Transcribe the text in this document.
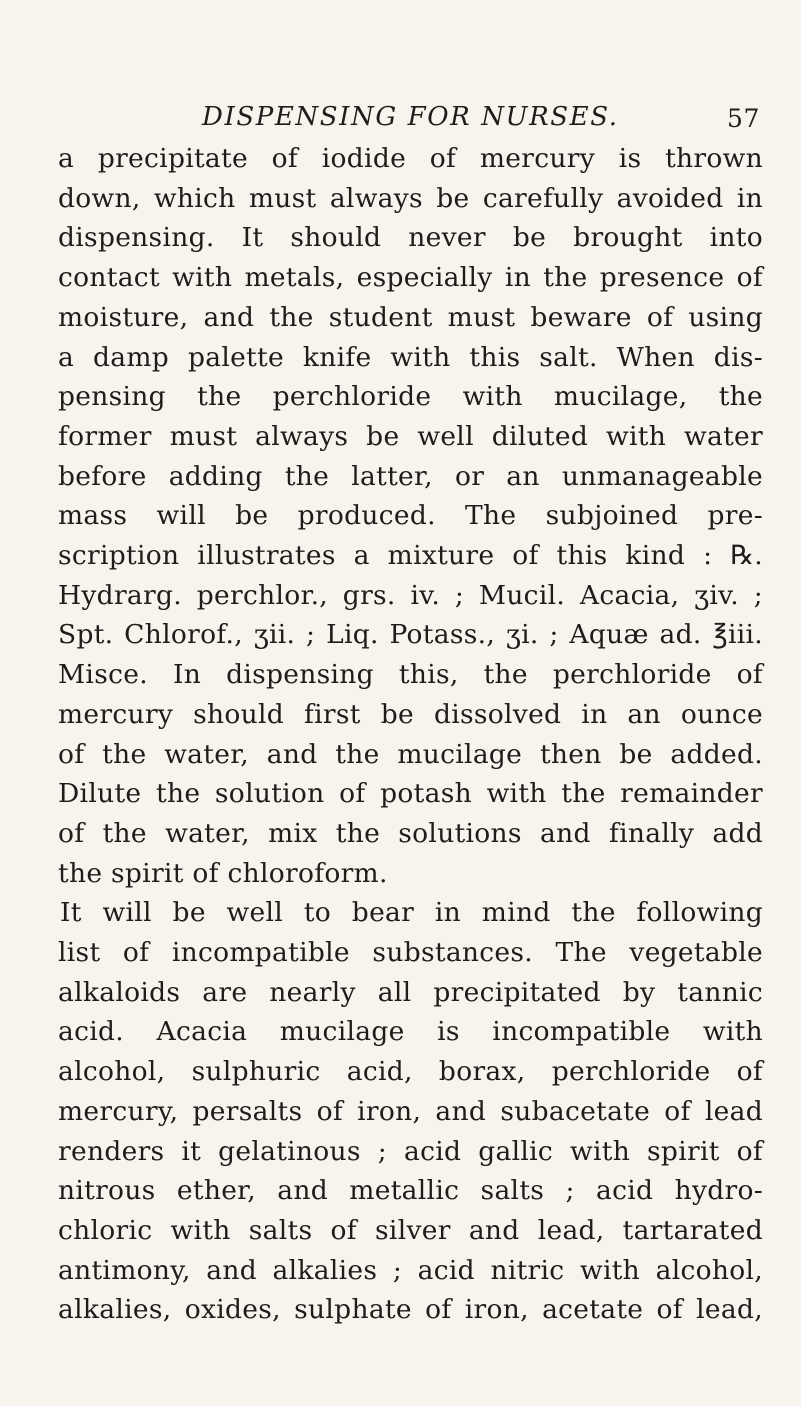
DISPENSING FOR NURSES.	57
a precipitate of iodide of mercury is thrown
down, which must always be carefully avoided in
dispensing. It should never be brought into
contact with metals, especially in the presence of
moisture, and the student must beware of using
a damp palette knife with this salt. When dis-
pensing the perchloride with mucilage, the
former must always be well diluted with water
before adding the latter, or an unmanageable
mass will be produced. The subjoined pre-
scription illustrates a mixture of this kind : ℞.
Hydrarg. perchlor., grs. iv. ; Mucil. Acacia, ʒiv. ;
Spt. Chlorof., ʒii. ; Liq. Potass., ʒi. ; Aquæ ad. ℥iii.
Misce. In dispensing this, the perchloride of
mercury should first be dissolved in an ounce
of the water, and the mucilage then be added.
Dilute the solution of potash with the remainder
of the water, mix the solutions and finally add
the spirit of chloroform.
It will be well to bear in mind the following
list of incompatible substances. The vegetable
alkaloids are nearly all precipitated by tannic
acid. Acacia mucilage is incompatible with
alcohol, sulphuric acid, borax, perchloride of
mercury, persalts of iron, and subacetate of lead
renders it gelatinous ; acid gallic with spirit of
nitrous ether, and metallic salts ; acid hydro-
chloric with salts of silver and lead, tartarated
antimony, and alkalies ; acid nitric with alcohol,
alkalies, oxides, sulphate of iron, acetate of lead,
